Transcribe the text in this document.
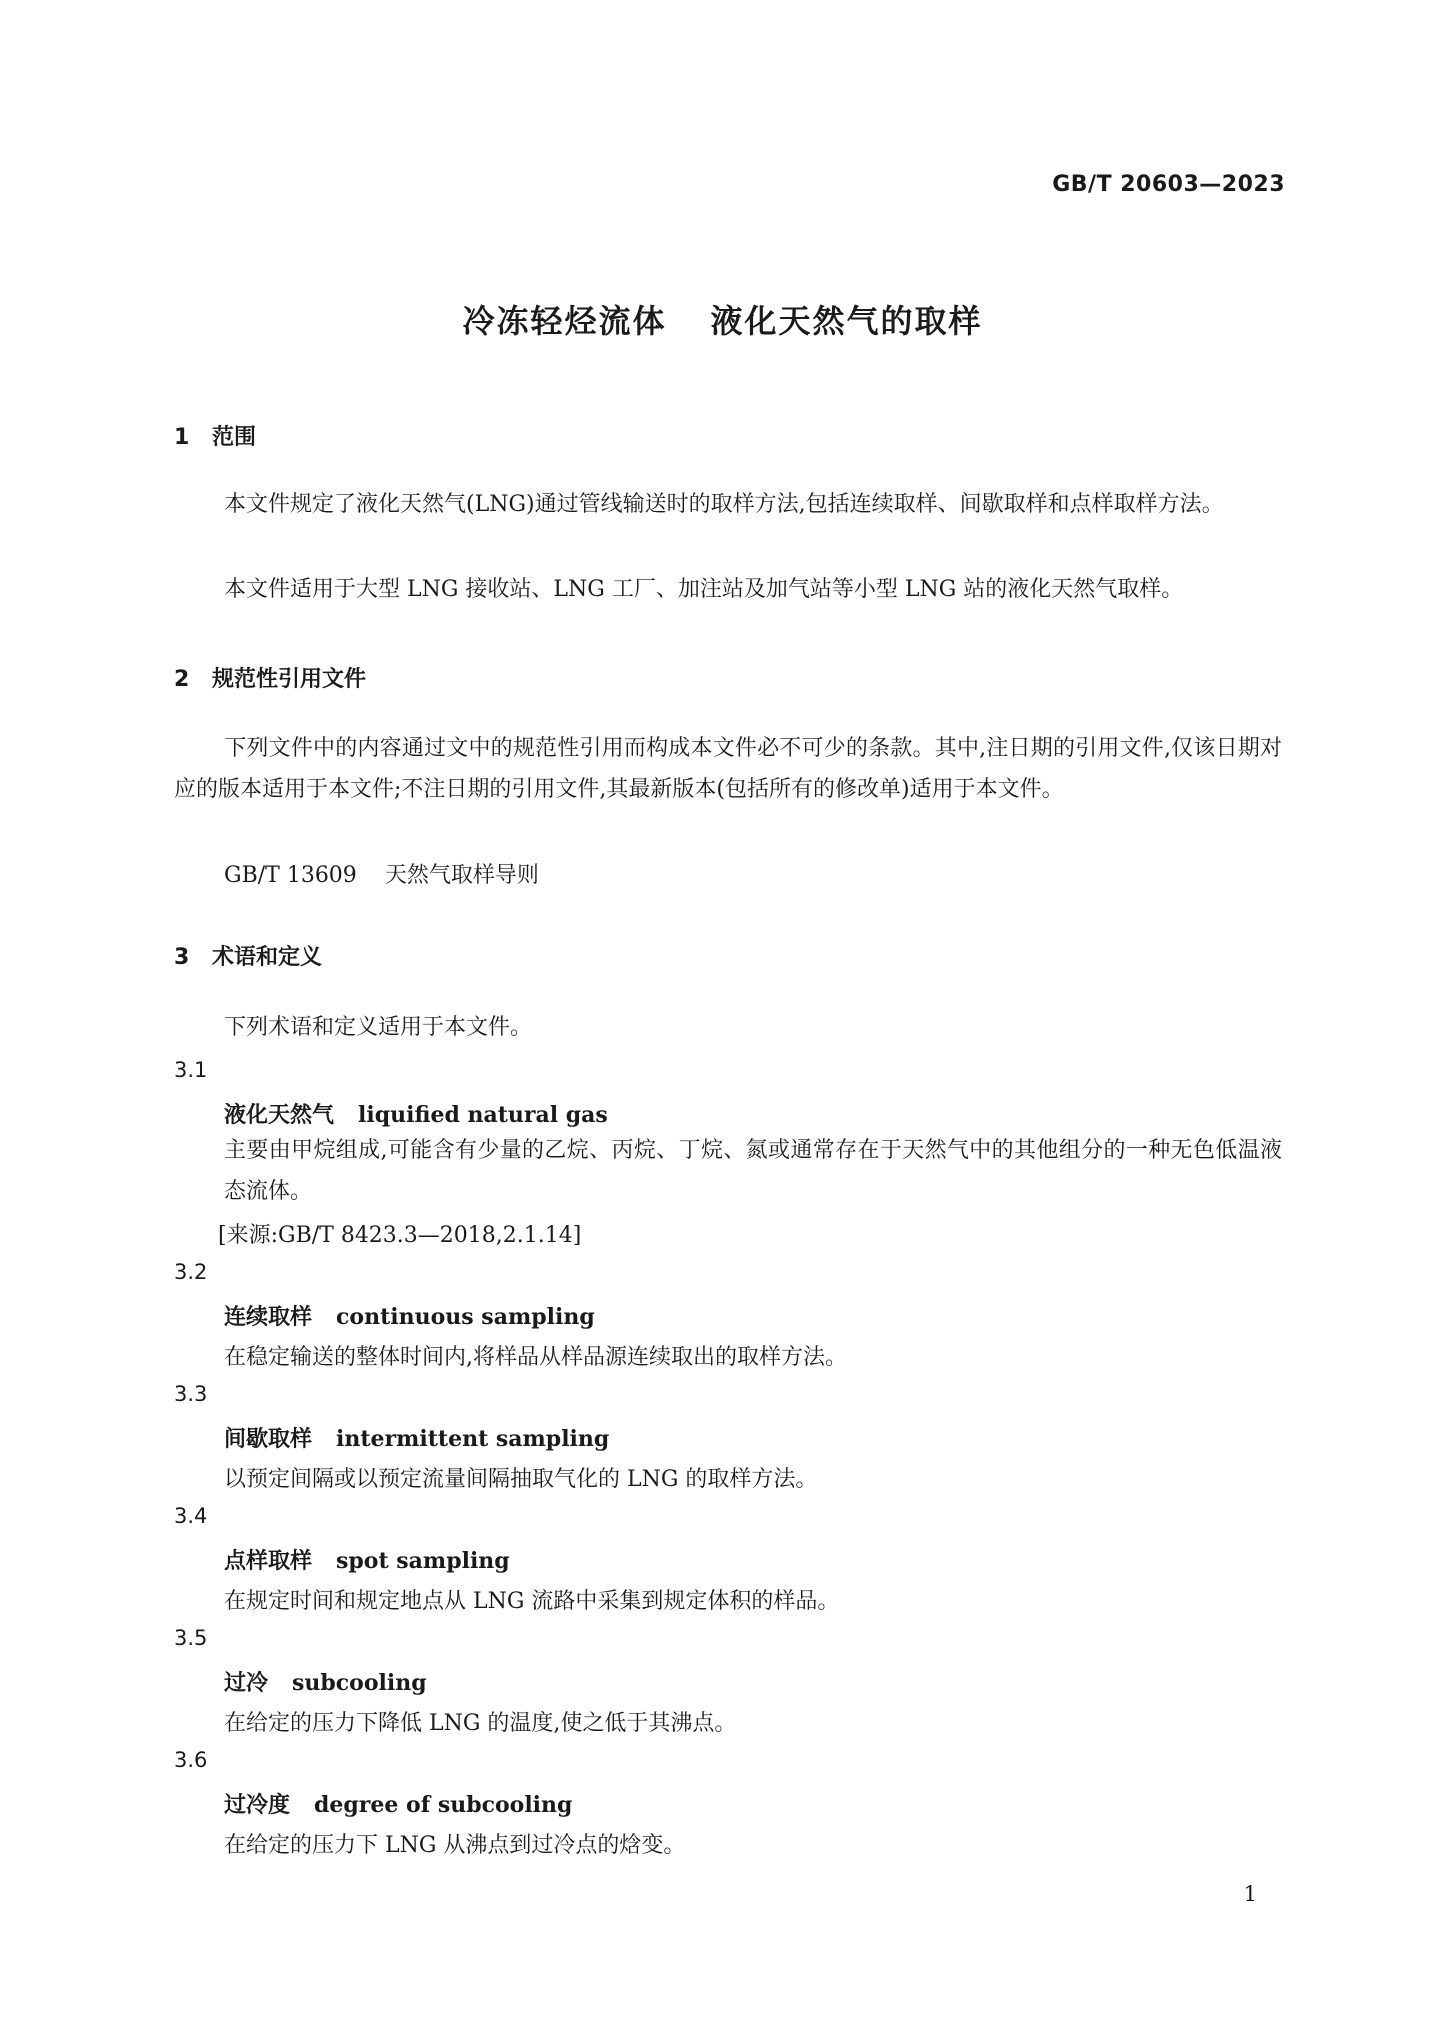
GB/T 20603—2023
冷冻轻烃流体 液化天然气的取样
1 范围
本文件规定了液化天然气(LNG)通过管线输送时的取样方法,包括连续取样、间歇取样和点样取样方法。
本文件适用于大型 LNG 接收站、LNG 工厂、加注站及加气站等小型 LNG 站的液化天然气取样。
2 规范性引用文件
下列文件中的内容通过文中的规范性引用而构成本文件必不可少的条款。其中,注日期的引用文件,仅该日期对应的版本适用于本文件;不注日期的引用文件,其最新版本(包括所有的修改单)适用于本文件。
GB/T 13609 天然气取样导则
3 术语和定义
下列术语和定义适用于本文件。
3.1
液化天然气 liquified natural gas
主要由甲烷组成,可能含有少量的乙烷、丙烷、丁烷、氮或通常存在于天然气中的其他组分的一种无色低温液态流体。
[来源:GB/T 8423.3—2018,2.1.14]
3.2
连续取样 continuous sampling
在稳定输送的整体时间内,将样品从样品源连续取出的取样方法。
3.3
间歇取样 intermittent sampling
以预定间隔或以预定流量间隔抽取气化的 LNG 的取样方法。
3.4
点样取样 spot sampling
在规定时间和规定地点从 LNG 流路中采集到规定体积的样品。
3.5
过冷 subcooling
在给定的压力下降低 LNG 的温度,使之低于其沸点。
3.6
过冷度 degree of subcooling
在给定的压力下 LNG 从沸点到过冷点的焓变。
1
